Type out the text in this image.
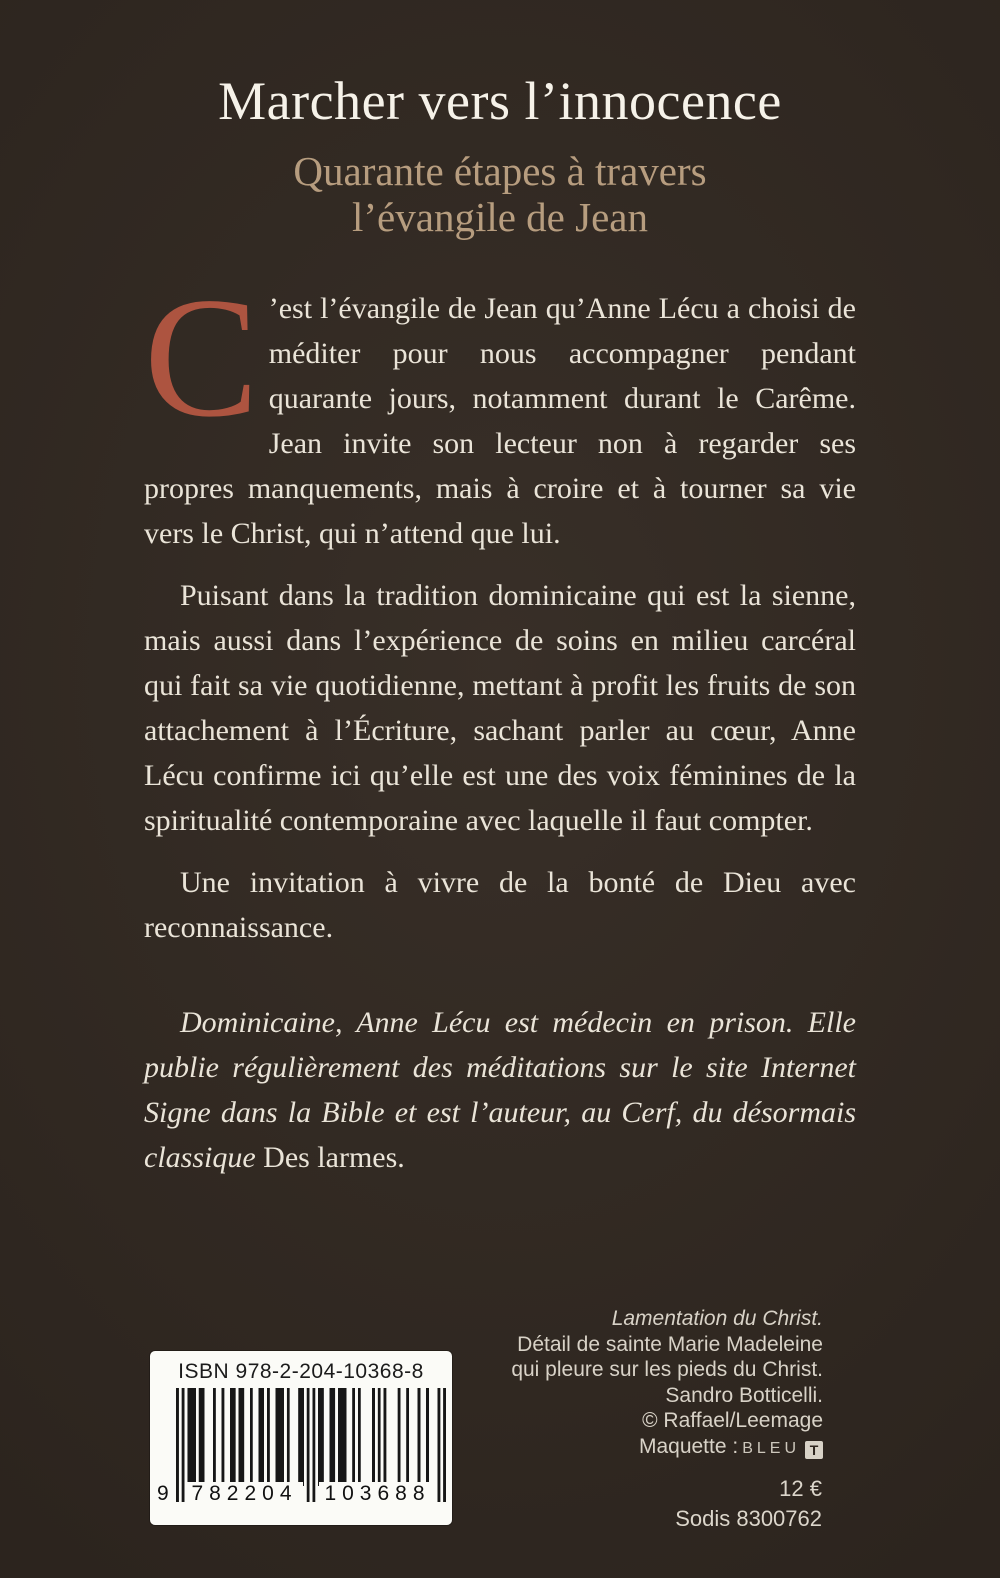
Marcher vers l’innocence
Quarante étapes à travers
l’évangile de Jean

C ’est l’évangile de Jean qu’Anne Lécu a choisi de méditer pour nous accompagner pendant quarante jours, notamment durant le Carême. Jean invite son lecteur non à regarder ses propres manquements, mais à croire et à tourner sa vie vers le Christ, qui n’attend que lui.

Puisant dans la tradition dominicaine qui est la sienne, mais aussi dans l’expérience de soins en milieu carcéral qui fait sa vie quotidienne, mettant à profit les fruits de son attachement à l’Écriture, sachant parler au cœur, Anne Lécu confirme ici qu’elle est une des voix féminines de la spiritualité contemporaine avec laquelle il faut compter.

Une invitation à vivre de la bonté de Dieu avec reconnaissance.

Dominicaine, Anne Lécu est médecin en prison. Elle publie régulièrement des méditations sur le site Internet Signe dans la Bible et est l’auteur, au Cerf, du désormais classique Des larmes.

ISBN 978-2-204-10368-8
9 782204 103688
Lamentation du Christ.
Détail de sainte Marie Madeleine
qui pleure sur les pieds du Christ.
Sandro Botticelli.
© Raffael/Leemage
Maquette : BLEU T
12 €
Sodis 8300762
